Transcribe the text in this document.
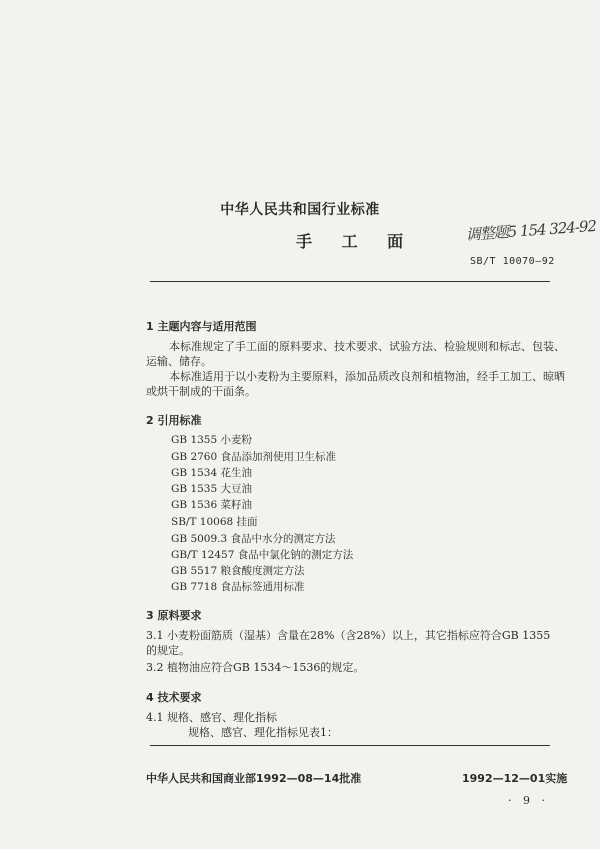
中华人民共和国行业标准
手 工 面	调整题5 154 324-92
SB/T 10070—92
1 主题内容与适用范围
本标准规定了手工面的原料要求、技术要求、试验方法、检验规则和标志、包装、
运输、储存。
本标准适用于以小麦粉为主要原料，添加品质改良剂和植物油，经手工加工、晾晒
或烘干制成的干面条。
2 引用标准
GB 1355 小麦粉
GB 2760 食品添加剂使用卫生标准
GB 1534 花生油
GB 1535 大豆油
GB 1536 菜籽油
SB/T 10068 挂面
GB 5009.3 食品中水分的测定方法
GB/T 12457 食品中氯化钠的测定方法
GB 5517 粮食酸度测定方法
GB 7718 食品标签通用标准
3 原料要求
3.1 小麦粉面筋质（湿基）含量在28%（含28%）以上，其它指标应符合GB 1355
的规定。
3.2 植物油应符合GB 1534～1536的规定。
4 技术要求
4.1 规格、感官、理化指标
规格、感官、理化指标见表1：
中华人民共和国商业部1992—08—14批准	1992—12—01实施
· 9 ·
